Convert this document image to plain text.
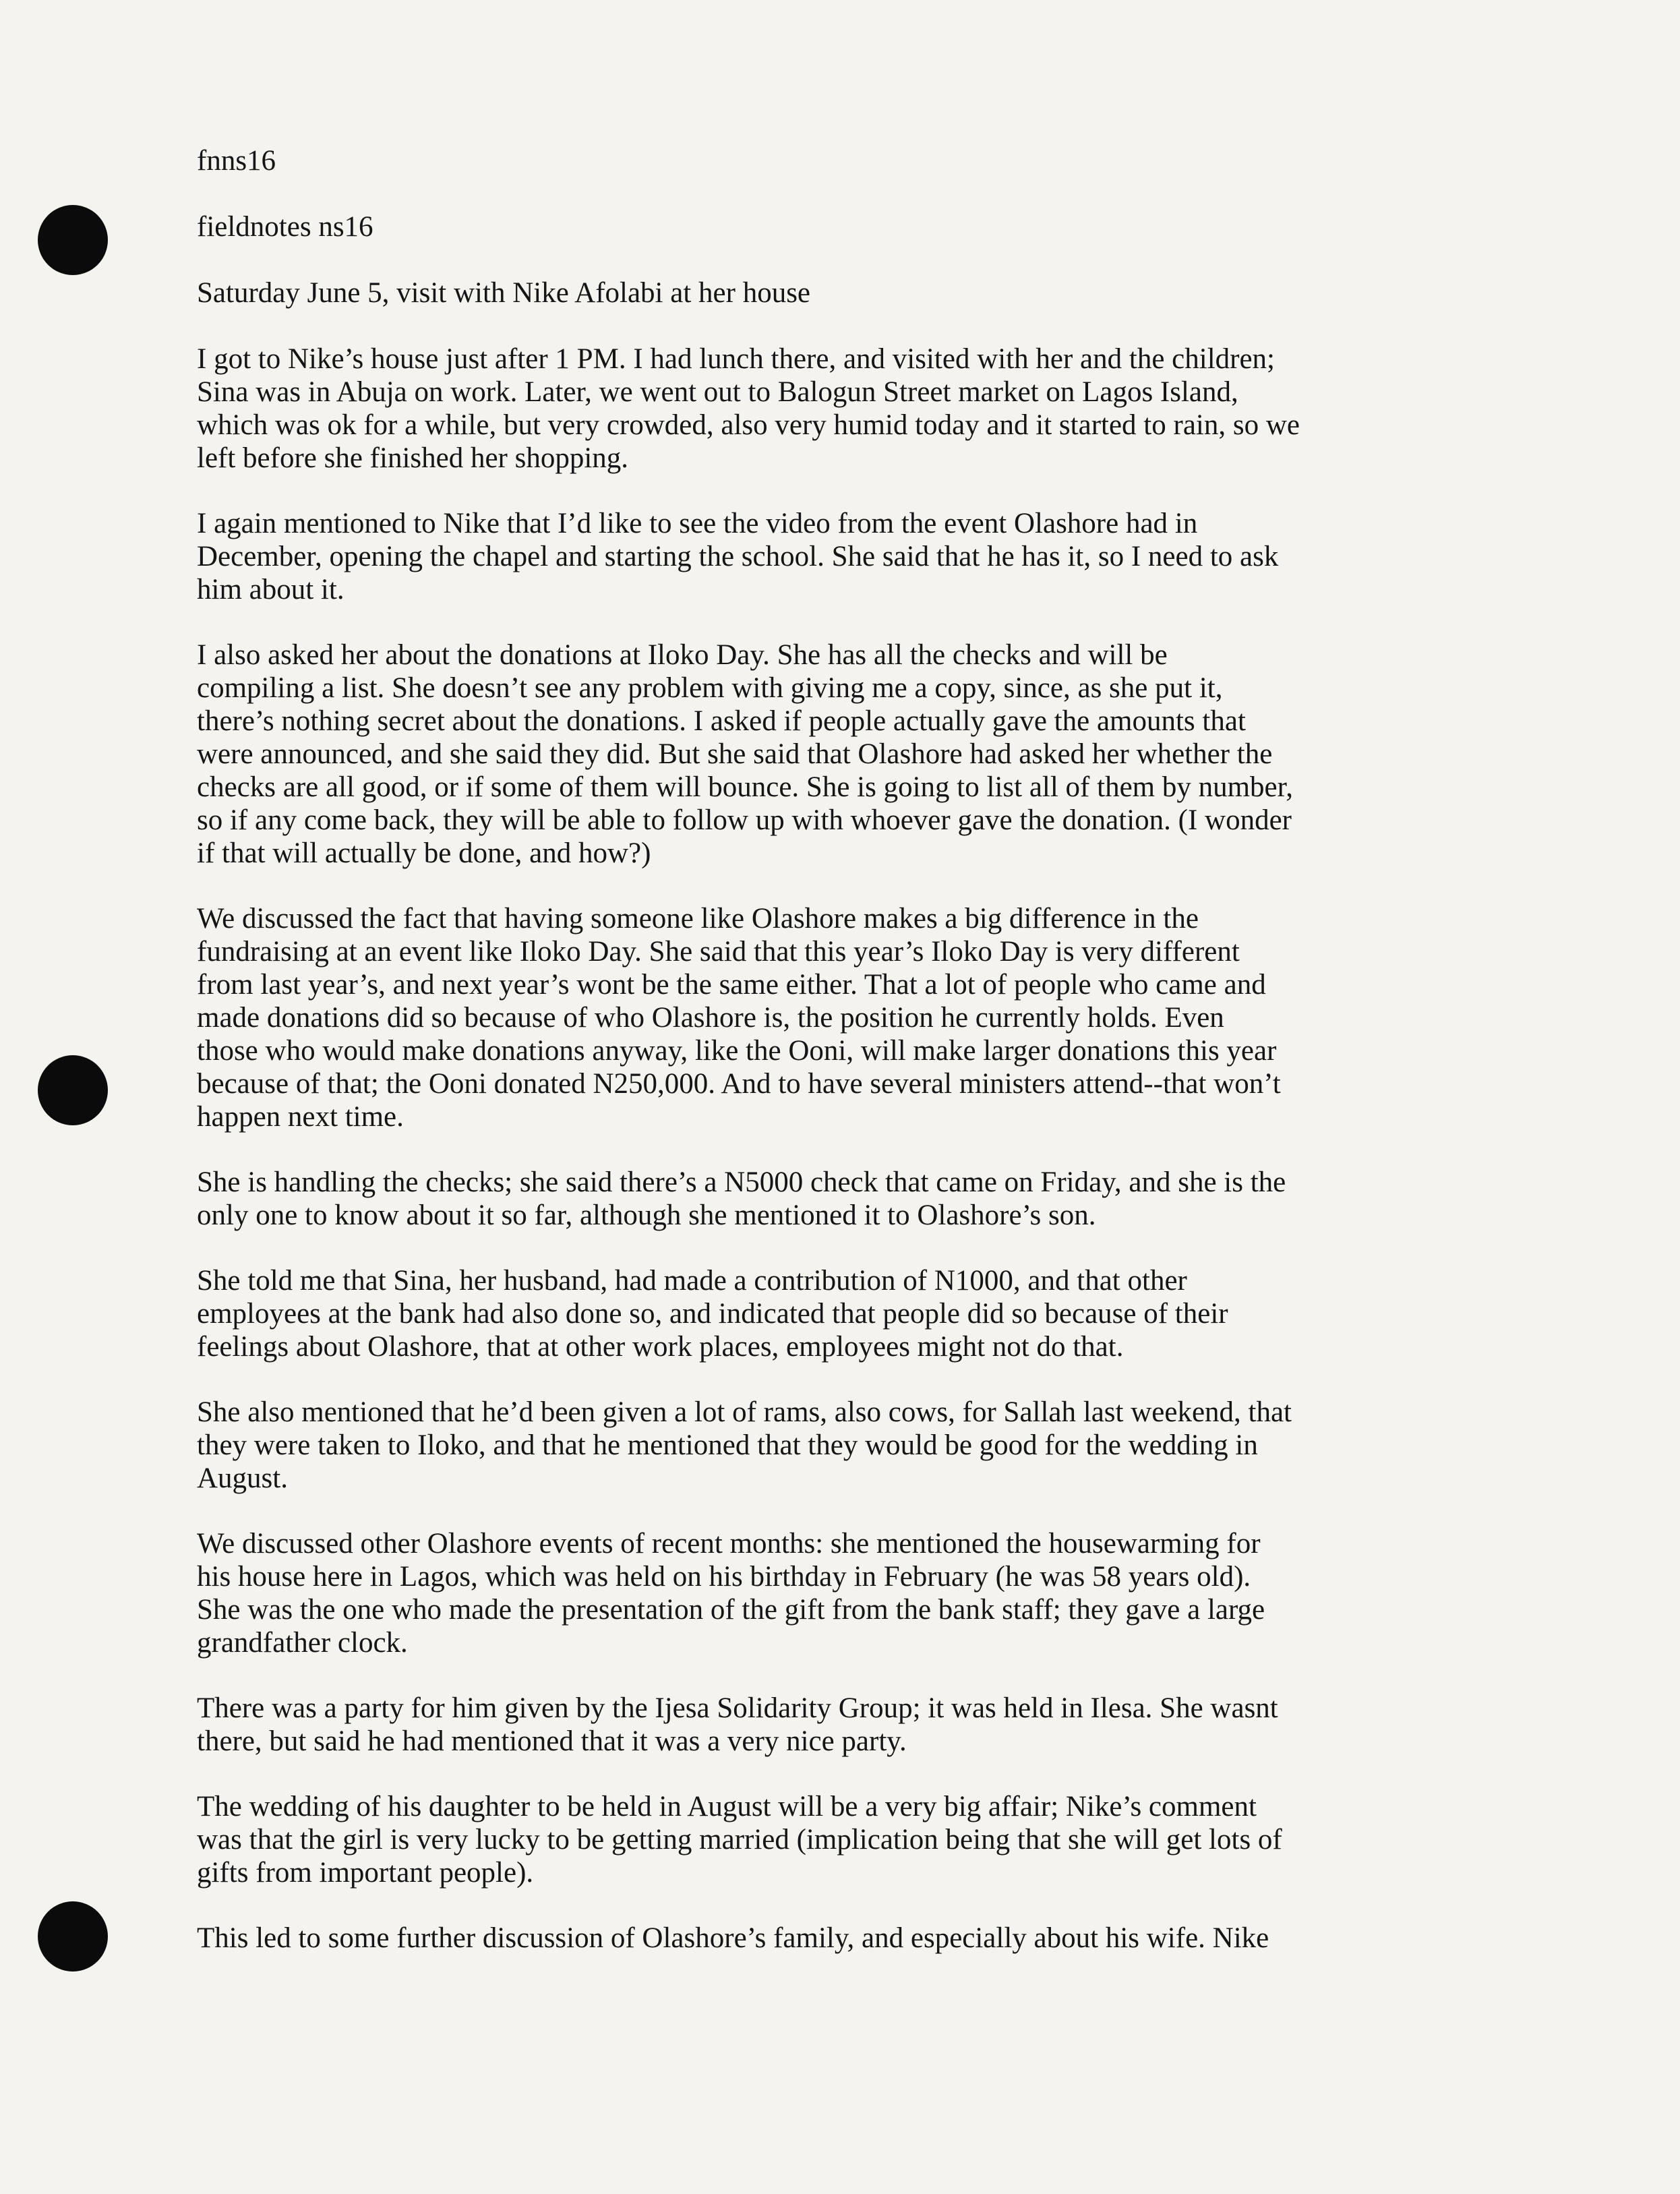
fnns16
fieldnotes ns16
Saturday June 5, visit with Nike Afolabi at her house
I got to Nike’s house just after 1 PM. I had lunch there, and visited with her and the children;
Sina was in Abuja on work. Later, we went out to Balogun Street market on Lagos Island,
which was ok for a while, but very crowded, also very humid today and it started to rain, so we
left before she finished her shopping.
I again mentioned to Nike that I’d like to see the video from the event Olashore had in
December, opening the chapel and starting the school. She said that he has it, so I need to ask
him about it.
I also asked her about the donations at Iloko Day. She has all the checks and will be
compiling a list. She doesn’t see any problem with giving me a copy, since, as she put it,
there’s nothing secret about the donations. I asked if people actually gave the amounts that
were announced, and she said they did. But she said that Olashore had asked her whether the
checks are all good, or if some of them will bounce. She is going to list all of them by number,
so if any come back, they will be able to follow up with whoever gave the donation. (I wonder
if that will actually be done, and how?)
We discussed the fact that having someone like Olashore makes a big difference in the
fundraising at an event like Iloko Day. She said that this year’s Iloko Day is very different
from last year’s, and next year’s wont be the same either. That a lot of people who came and
made donations did so because of who Olashore is, the position he currently holds. Even
those who would make donations anyway, like the Ooni, will make larger donations this year
because of that; the Ooni donated N250,000. And to have several ministers attend--that won’t
happen next time.
She is handling the checks; she said there’s a N5000 check that came on Friday, and she is the
only one to know about it so far, although she mentioned it to Olashore’s son.
She told me that Sina, her husband, had made a contribution of N1000, and that other
employees at the bank had also done so, and indicated that people did so because of their
feelings about Olashore, that at other work places, employees might not do that.
She also mentioned that he’d been given a lot of rams, also cows, for Sallah last weekend, that
they were taken to Iloko, and that he mentioned that they would be good for the wedding in
August.
We discussed other Olashore events of recent months: she mentioned the housewarming for
his house here in Lagos, which was held on his birthday in February (he was 58 years old).
She was the one who made the presentation of the gift from the bank staff; they gave a large
grandfather clock.
There was a party for him given by the Ijesa Solidarity Group; it was held in Ilesa. She wasnt
there, but said he had mentioned that it was a very nice party.
The wedding of his daughter to be held in August will be a very big affair; Nike’s comment
was that the girl is very lucky to be getting married (implication being that she will get lots of
gifts from important people).
This led to some further discussion of Olashore’s family, and especially about his wife. Nike
